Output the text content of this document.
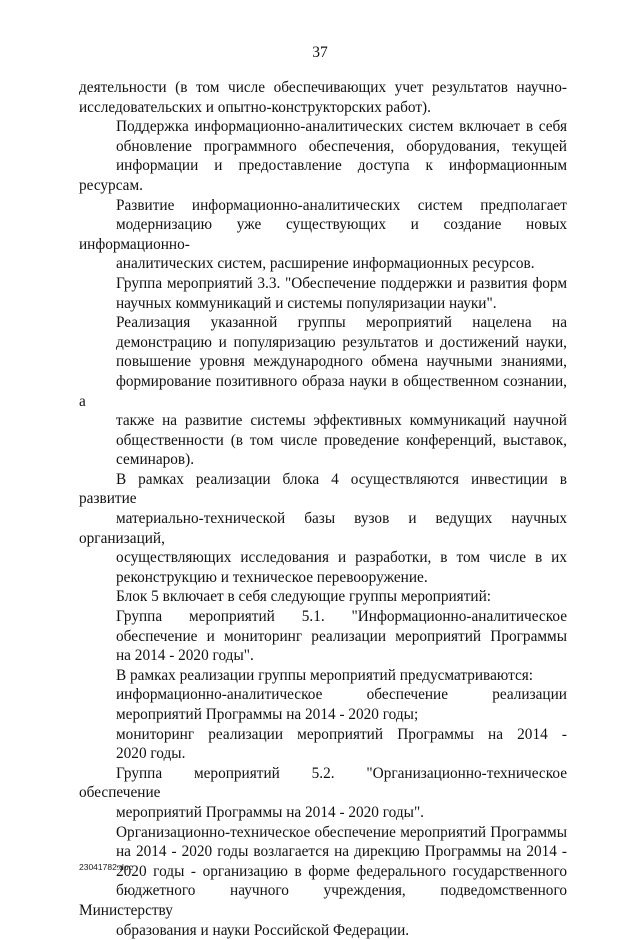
37

деятельности (в том числе обеспечивающих учет результатов научно-
исследовательских и опытно-конструкторских работ).

Поддержка информационно-аналитических систем включает в себя
обновление программного обеспечения, оборудования, текущей
информации и предоставление доступа к информационным ресурсам.
Развитие информационно-аналитических систем предполагает
модернизацию уже существующих и создание новых информационно-
аналитических систем, расширение информационных ресурсов.

Группа мероприятий 3.3. "Обеспечение поддержки и развития форм
научных коммуникаций и системы популяризации науки".

Реализация указанной группы мероприятий нацелена на
демонстрацию и популяризацию результатов и достижений науки,
повышение уровня международного обмена научными знаниями,
формирование позитивного образа науки в общественном сознании, а
также на развитие системы эффективных коммуникаций научной
общественности (в том числе проведение конференций, выставок,
семинаров).

В рамках реализации блока 4 осуществляются инвестиции в развитие
материально-технической базы вузов и ведущих научных организаций,
осуществляющих исследования и разработки, в том числе в их
реконструкцию и техническое перевооружение.

Блок 5 включает в себя следующие группы мероприятий:

Группа мероприятий 5.1. "Информационно-аналитическое
обеспечение и мониторинг реализации мероприятий Программы
на 2014 - 2020 годы".

В рамках реализации группы мероприятий предусматриваются:

информационно-аналитическое обеспечение реализации
мероприятий Программы на 2014 - 2020 годы;

мониторинг реализации мероприятий Программы на 2014 -
2020 годы.

Группа мероприятий 5.2. "Организационно-техническое обеспечение
мероприятий Программы на 2014 - 2020 годы".

Организационно-техническое обеспечение мероприятий Программы
на 2014 - 2020 годы возлагается на дирекцию Программы на 2014 -
2020 годы - организацию в форме федерального государственного
бюджетного научного учреждения, подведомственного Министерству
образования и науки Российской Федерации.

23041782.doc
